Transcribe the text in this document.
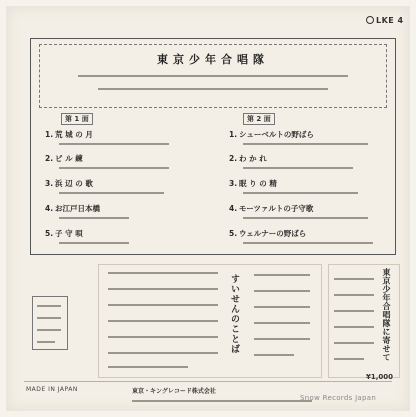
LKE 4
東京少年合唱隊
第 1 面	第 2 面
1. 荒 城 の 月
2. ビ ル 練
3. 浜 辺 の 歌
4. お江戸日本橋
5. 子 守 唄
1. シューベルトの野ばら
2. わ か れ
3. 眠 り の 精
4. モーツァルトの子守歌
5. ウェルナーの野ばら
すいせんのことば	東京少年合唱隊に寄せて
MADE IN JAPAN	東京・キングレコード株式会社
¥1,000
Snow Records Japan
